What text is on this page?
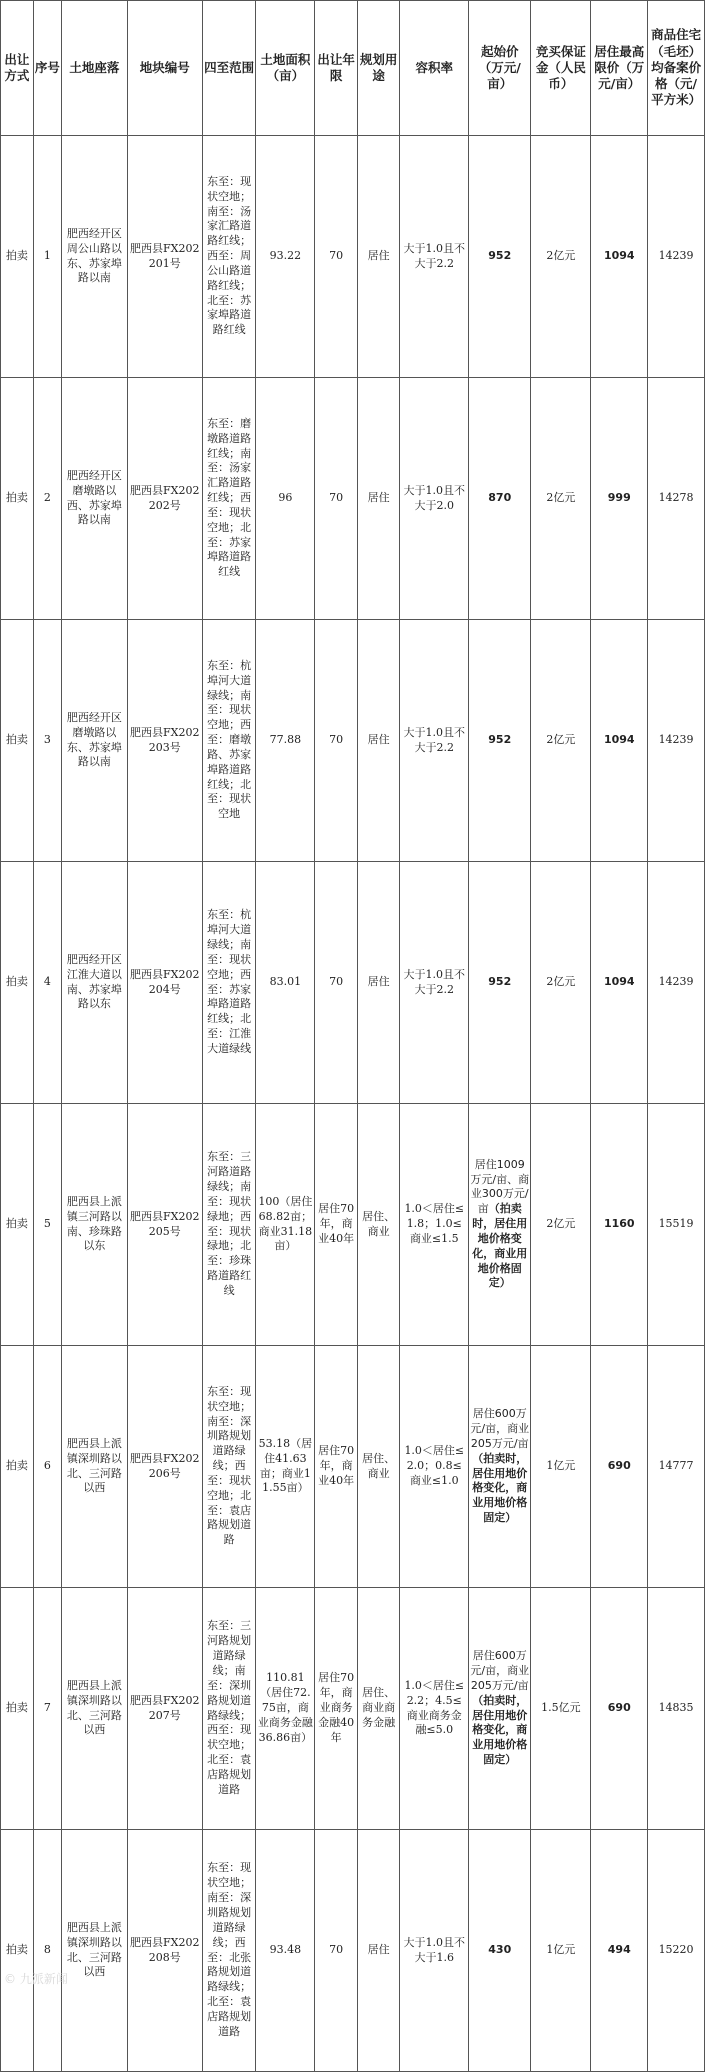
出让方式	序号	土地座落	地块编号	四至范围	土地面积（亩）	出让年限	规划用途	容积率	起始价（万元/亩）	竞买保证金（人民币）	居住最高限价（万元/亩）	商品住宅（毛坯）均备案价格（元/平方米）
拍卖	1	肥西经开区周公山路以东、苏家埠路以南	肥西县FX202201号	东至：现状空地；南至：汤家汇路道路红线；西至：周公山路道路红线；北至：苏家埠路道路红线	93.22	70	居住	大于1.0且不大于2.2	952	2亿元	1094	14239
拍卖	2	肥西经开区磨墩路以西、苏家埠路以南	肥西县FX202202号	东至：磨墩路道路红线；南至：汤家汇路道路红线；西至：现状空地；北至：苏家埠路道路红线	96	70	居住	大于1.0且不大于2.0	870	2亿元	999	14278
拍卖	3	肥西经开区磨墩路以东、苏家埠路以南	肥西县FX202203号	东至：杭埠河大道绿线；南至：现状空地；西至：磨墩路、苏家埠路道路红线；北至：现状空地	77.88	70	居住	大于1.0且不大于2.2	952	2亿元	1094	14239
拍卖	4	肥西经开区江淮大道以南、苏家埠路以东	肥西县FX202204号	东至：杭埠河大道绿线；南至：现状空地；西至：苏家埠路道路红线；北至：江淮大道绿线	83.01	70	居住	大于1.0且不大于2.2	952	2亿元	1094	14239
拍卖	5	肥西县上派镇三河路以南、珍珠路以东	肥西县FX202205号	东至：三河路道路绿线；南至：现状绿地；西至：现状绿地；北至：珍珠路道路红线	100（居住68.82亩；商业31.18亩）	居住70年，商业40年	居住、商业	1.0＜居住≤1.8；1.0≤商业≤1.5	居住1009万元/亩、商业300万元/亩（拍卖时，居住用地价格变化，商业用地价格固定）	2亿元	1160	15519
拍卖	6	肥西县上派镇深圳路以北、三河路以西	肥西县FX202206号	东至：现状空地；南至：深圳路规划道路绿线；西至：现状空地；北至：袁店路规划道路	53.18（居住41.63亩；商业11.55亩）	居住70年，商业40年	居住、商业	1.0＜居住≤2.0；0.8≤商业≤1.0	居住600万元/亩，商业205万元/亩（拍卖时，居住用地价格变化，商业用地价格固定）	1亿元	690	14777
拍卖	7	肥西县上派镇深圳路以北、三河路以西	肥西县FX202207号	东至：三河路规划道路绿线；南至：深圳路规划道路绿线；西至：现状空地；北至：袁店路规划道路	110.81（居住72.75亩，商业商务金融36.86亩）	居住70年，商业商务金融40年	居住、商业商务金融	1.0＜居住≤2.2；4.5≤商业商务金融≤5.0	居住600万元/亩，商业205万元/亩（拍卖时，居住用地价格变化，商业用地价格固定）	1.5亿元	690	14835
拍卖	8	肥西县上派镇深圳路以北、三河路以西	肥西县FX202208号	东至：现状空地；南至：深圳路规划道路绿线；西至：北张路规划道路绿线；北至：袁店路规划道路	93.48	70	居住	大于1.0且不大于1.6	430	1亿元	494	15220
© 九派新闻
